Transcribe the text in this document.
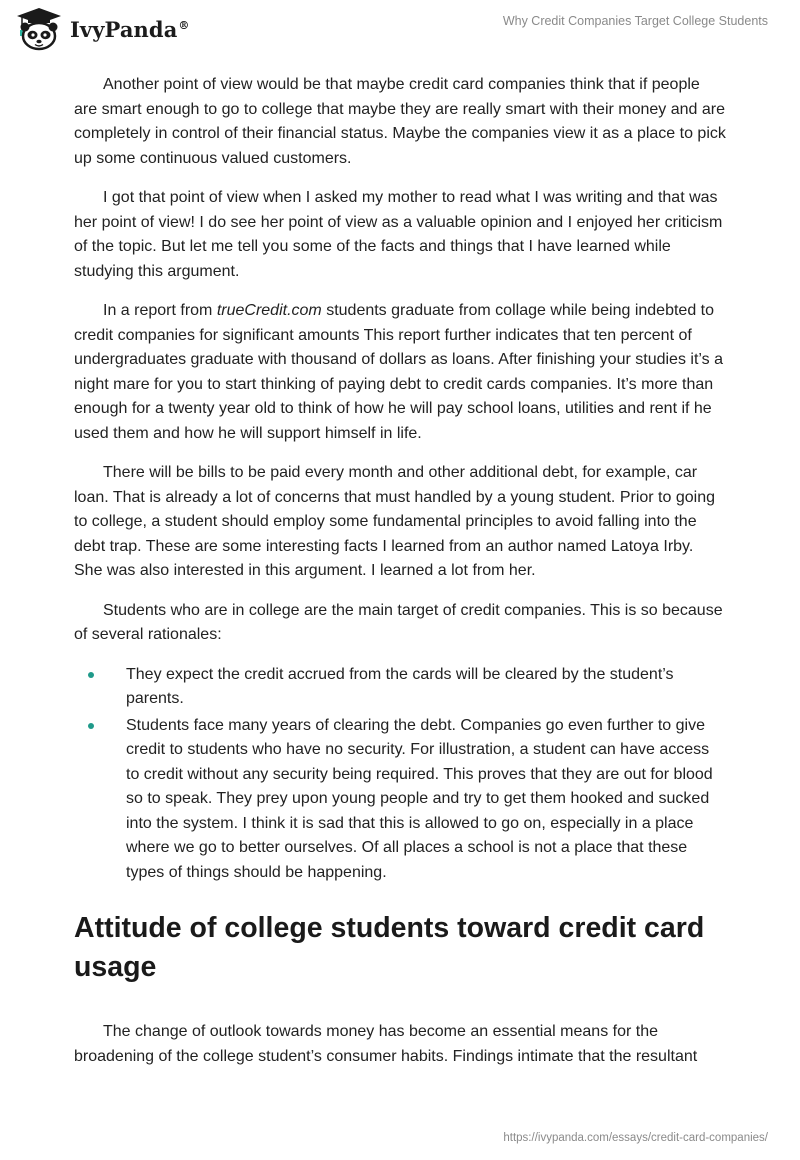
IvyPanda®	Why Credit Companies Target College Students

Another point of view would be that maybe credit card companies think that if people are smart enough to go to college that maybe they are really smart with their money and are completely in control of their financial status. Maybe the companies view it as a place to pick up some continuous valued customers.

I got that point of view when I asked my mother to read what I was writing and that was her point of view! I do see her point of view as a valuable opinion and I enjoyed her criticism of the topic. But let me tell you some of the facts and things that I have learned while studying this argument.

In a report from trueCredit.com students graduate from collage while being indebted to credit companies for significant amounts This report further indicates that ten percent of undergraduates graduate with thousand of dollars as loans. After finishing your studies it’s a night mare for you to start thinking of paying debt to credit cards companies. It’s more than enough for a twenty year old to think of how he will pay school loans, utilities and rent if he used them and how he will support himself in life.

There will be bills to be paid every month and other additional debt, for example, car loan. That is already a lot of concerns that must handled by a young student. Prior to going to college, a student should employ some fundamental principles to avoid falling into the debt trap. These are some interesting facts I learned from an author named Latoya Irby. She was also interested in this argument. I learned a lot from her.

Students who are in college are the main target of credit companies. This is so because of several rationales:

They expect the credit accrued from the cards will be cleared by the student’s parents.
Students face many years of clearing the debt. Companies go even further to give credit to students who have no security. For illustration, a student can have access to credit without any security being required. This proves that they are out for blood so to speak. They prey upon young people and try to get them hooked and sucked into the system. I think it is sad that this is allowed to go on, especially in a place where we go to better ourselves. Of all places a school is not a place that these types of things should be happening.
Attitude of college students toward credit card usage

The change of outlook towards money has become an essential means for the broadening of the college student’s consumer habits. Findings intimate that the resultant

https://ivypanda.com/essays/credit-card-companies/
